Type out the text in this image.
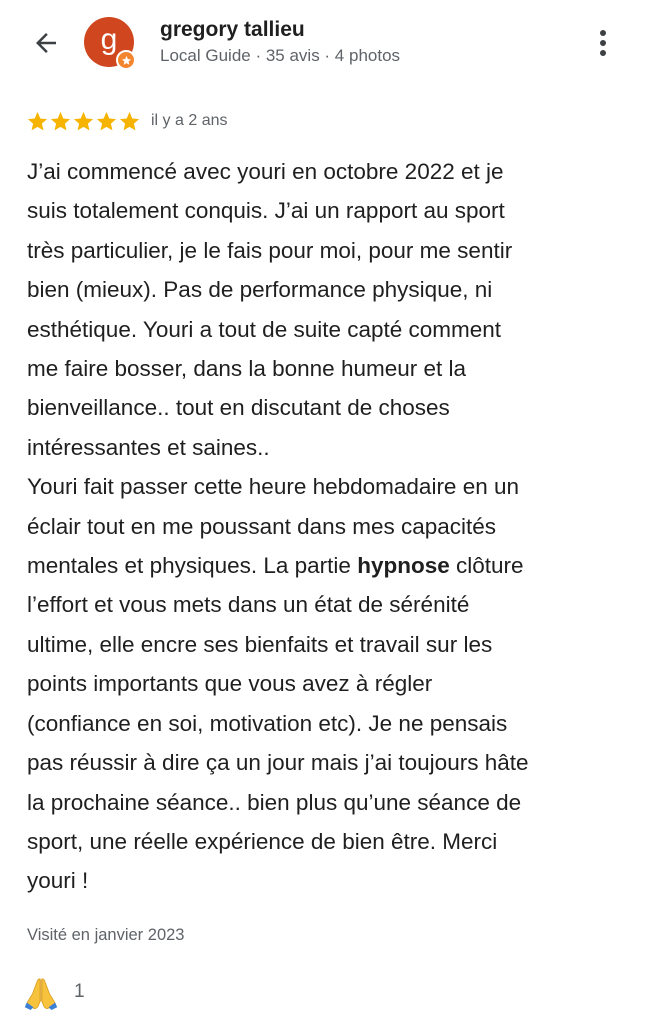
g gregory tallieu
Local Guide · 35 avis · 4 photos
il y a 2 ans
J’ai commencé avec youri en octobre 2022 et je
suis totalement conquis. J’ai un rapport au sport
très particulier, je le fais pour moi, pour me sentir
bien (mieux). Pas de performance physique, ni
esthétique. Youri a tout de suite capté comment
me faire bosser, dans la bonne humeur et la
bienveillance.. tout en discutant de choses
intéressantes et saines..
Youri fait passer cette heure hebdomadaire en un
éclair tout en me poussant dans mes capacités
mentales et physiques. La partie hypnose clôture
l’effort et vous mets dans un état de sérénité
ultime, elle encre ses bienfaits et travail sur les
points importants que vous avez à régler
(confiance en soi, motivation etc). Je ne pensais
pas réussir à dire ça un jour mais j’ai toujours hâte
la prochaine séance.. bien plus qu’une séance de
sport, une réelle expérience de bien être. Merci
youri !
Visité en janvier 2023
1
